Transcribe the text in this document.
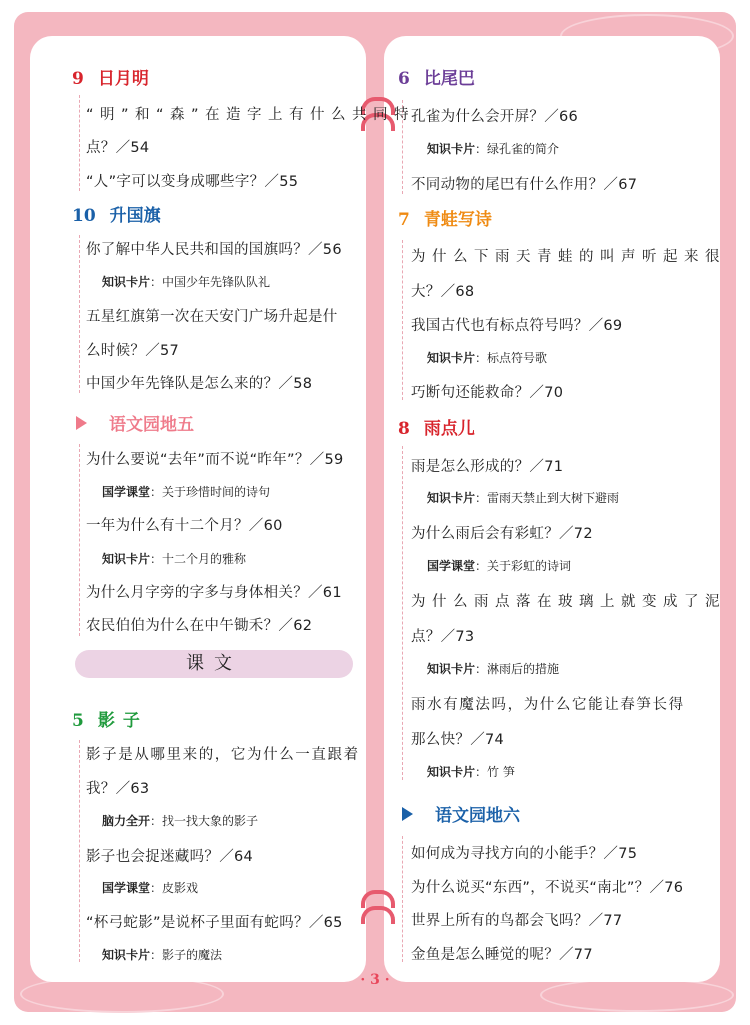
9 日月明
“明”和“森”在造字上有什么共同特
点？／54
“人”字可以变身成哪些字？／55
10 升国旗
你了解中华人民共和国的国旗吗？／56
知识卡片：中国少年先锋队队礼
五星红旗第一次在天安门广场升起是什
么时候？／57
中国少年先锋队是怎么来的？／58
语文园地五
为什么要说“去年”而不说“昨年”？／59
国学课堂：关于珍惜时间的诗句
一年为什么有十二个月？／60
知识卡片：十二个月的雅称
为什么月字旁的字多与身体相关？／61
农民伯伯为什么在中午锄禾？／62
课文
5 影子
影子是从哪里来的，它为什么一直跟着
我？／63
脑力全开：找一找大象的影子
影子也会捉迷藏吗？／64
国学课堂：皮影戏
“杯弓蛇影”是说杯子里面有蛇吗？／65
知识卡片：影子的魔法
6 比尾巴
孔雀为什么会开屏？／66
知识卡片：绿孔雀的简介
不同动物的尾巴有什么作用？／67
7 青蛙写诗
为什么下雨天青蛙的叫声听起来很
大？／68
我国古代也有标点符号吗？／69
知识卡片：标点符号歌
巧断句还能救命？／70
8 雨点儿
雨是怎么形成的？／71
知识卡片：雷雨天禁止到大树下避雨
为什么雨后会有彩虹？／72
国学课堂：关于彩虹的诗词
为什么雨点落在玻璃上就变成了泥
点？／73
知识卡片：淋雨后的措施
雨水有魔法吗，为什么它能让春笋长得
那么快？／74
知识卡片：竹 笋
语文园地六
如何成为寻找方向的小能手？／75
为什么说买“东西”，不说买“南北”？／76
世界上所有的鸟都会飞吗？／77
金鱼是怎么睡觉的呢？／77
· 3 ·
